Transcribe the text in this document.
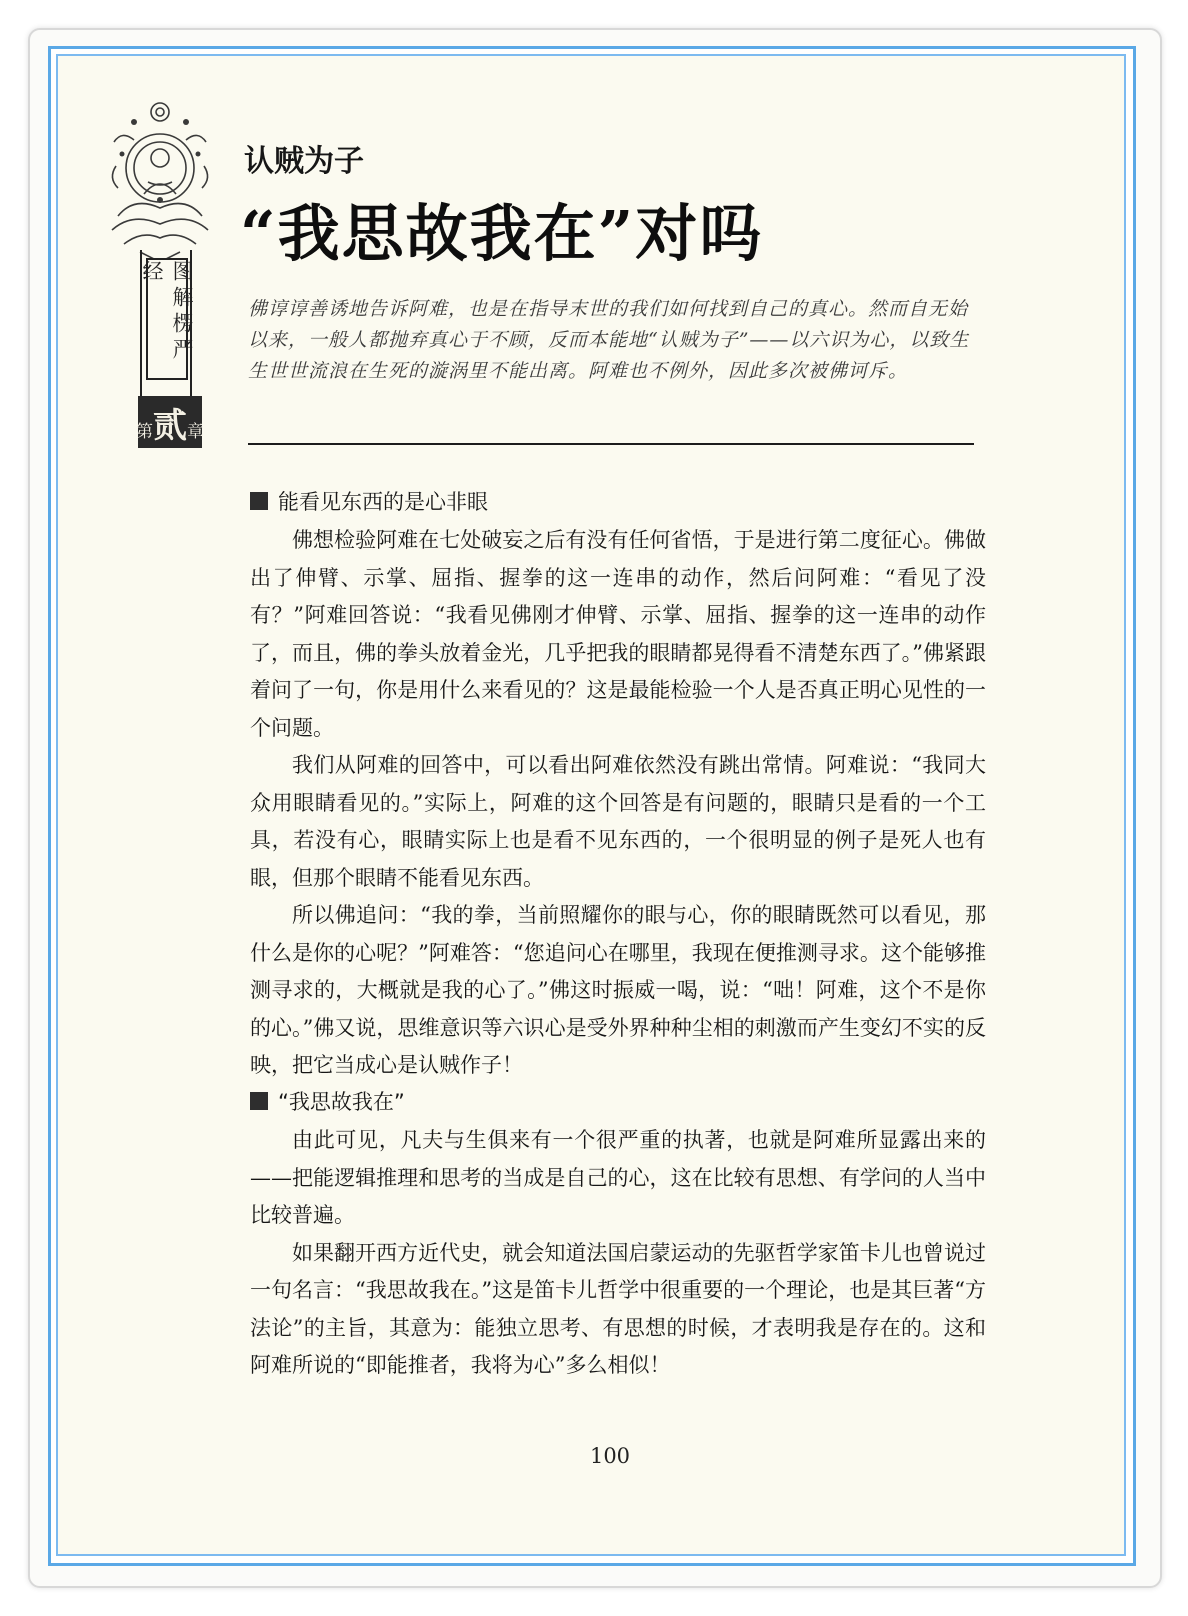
图解楞严经
第 贰 章
认贼为子
“我思故我在”对吗

佛谆谆善诱地告诉阿难，也是在指导末世的我们如何找到自己的真心。然而自无始以来，一般人都抛弃真心于不顾，反而本能地“认贼为子”——以六识为心，以致生生世世流浪在生死的漩涡里不能出离。阿难也不例外，因此多次被佛诃斥。

能看见东西的是心非眼

佛想检验阿难在七处破妄之后有没有任何省悟，于是进行第二度征心。佛做出了伸臂、示掌、屈指、握拳的这一连串的动作，然后问阿难：“看见了没有？”阿难回答说：“我看见佛刚才伸臂、示掌、屈指、握拳的这一连串的动作了，而且，佛的拳头放着金光，几乎把我的眼睛都晃得看不清楚东西了。”佛紧跟着问了一句，你是用什么来看见的？这是最能检验一个人是否真正明心见性的一个问题。

我们从阿难的回答中，可以看出阿难依然没有跳出常情。阿难说：“我同大众用眼睛看见的。”实际上，阿难的这个回答是有问题的，眼睛只是看的一个工具，若没有心，眼睛实际上也是看不见东西的，一个很明显的例子是死人也有眼，但那个眼睛不能看见东西。

所以佛追问：“我的拳，当前照耀你的眼与心，你的眼睛既然可以看见，那什么是你的心呢？”阿难答：“您追问心在哪里，我现在便推测寻求。这个能够推测寻求的，大概就是我的心了。”佛这时振威一喝，说：“咄！阿难，这个不是你的心。”佛又说，思维意识等六识心是受外界种种尘相的刺激而产生变幻不实的反映，把它当成心是认贼作子！

“我思故我在”

由此可见，凡夫与生俱来有一个很严重的执著，也就是阿难所显露出来的——把能逻辑推理和思考的当成是自己的心，这在比较有思想、有学问的人当中比较普遍。

如果翻开西方近代史，就会知道法国启蒙运动的先驱哲学家笛卡儿也曾说过一句名言：“我思故我在。”这是笛卡儿哲学中很重要的一个理论，也是其巨著“方法论”的主旨，其意为：能独立思考、有思想的时候，才表明我是存在的。这和阿难所说的“即能推者，我将为心”多么相似！

100
